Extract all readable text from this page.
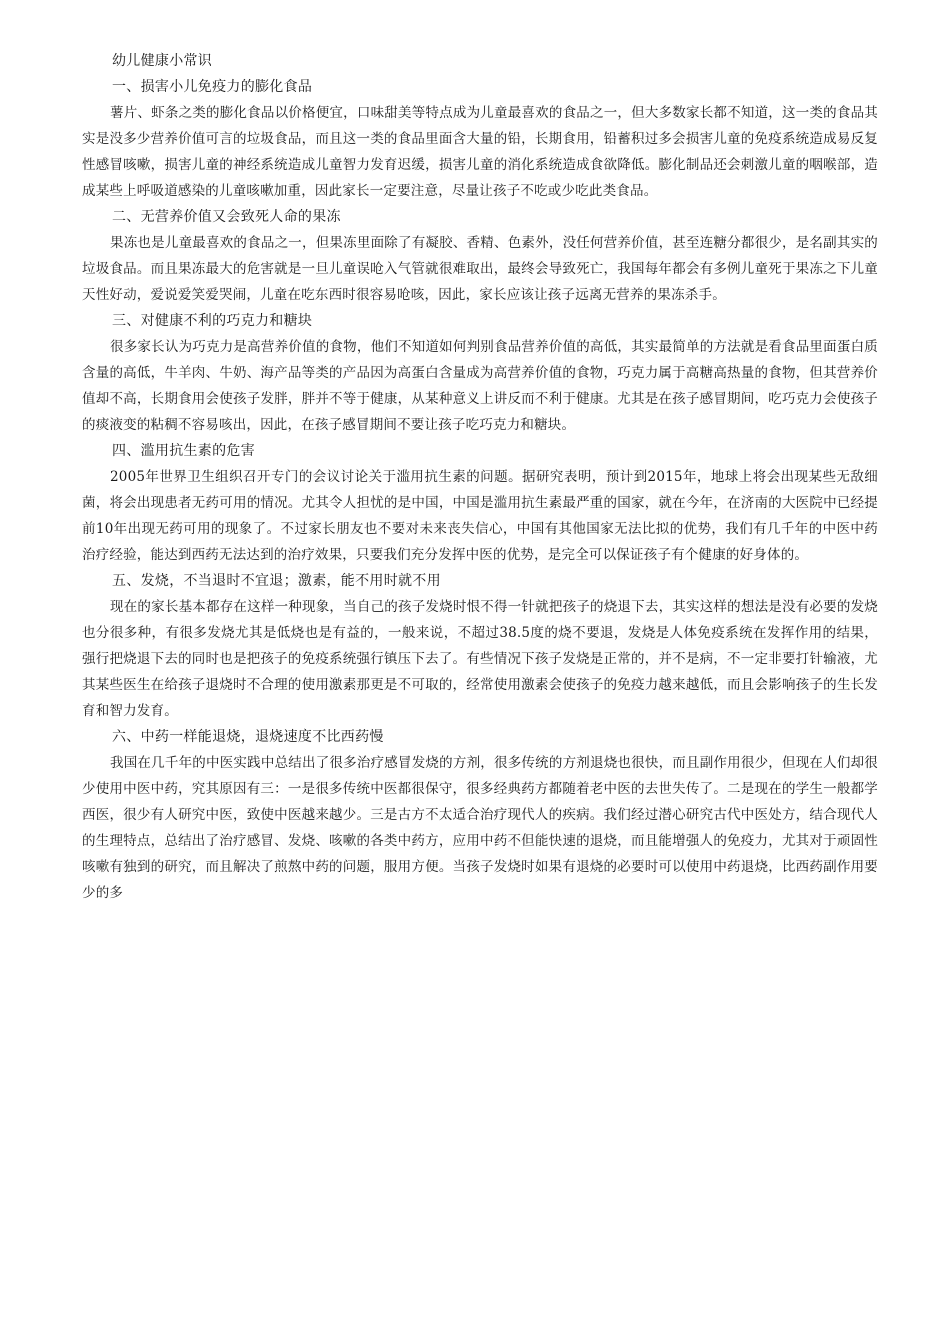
幼儿健康小常识
一、损害小儿免疫力的膨化食品

薯片、虾条之类的膨化食品以价格便宜，口味甜美等特点成为儿童最喜欢的食品之一，但大多数家长都不知道，这一类的食品其实是没多少营养价值可言的垃圾食品，而且这一类的食品里面含大量的铅，长期食用，铅蓄积过多会损害儿童的免疫系统造成易反复性感冒咳嗽，损害儿童的神经系统造成儿童智力发育迟缓，损害儿童的消化系统造成食欲降低。膨化制品还会刺激儿童的咽喉部，造成某些上呼吸道感染的儿童咳嗽加重，因此家长一定要注意，尽量让孩子不吃或少吃此类食品。

二、无营养价值又会致死人命的果冻

果冻也是儿童最喜欢的食品之一，但果冻里面除了有凝胶、香精、色素外，没任何营养价值，甚至连糖分都很少，是名副其实的垃圾食品。而且果冻最大的危害就是一旦儿童误呛入气管就很难取出，最终会导致死亡，我国每年都会有多例儿童死于果冻之下儿童天性好动，爱说爱笑爱哭闹，儿童在吃东西时很容易呛咳，因此，家长应该让孩子远离无营养的果冻杀手。

三、对健康不利的巧克力和糖块

很多家长认为巧克力是高营养价值的食物，他们不知道如何判别食品营养价值的高低，其实最简单的方法就是看食品里面蛋白质含量的高低，牛羊肉、牛奶、海产品等类的产品因为高蛋白含量成为高营养价值的食物，巧克力属于高糖高热量的食物，但其营养价值却不高，长期食用会使孩子发胖，胖并不等于健康，从某种意义上讲反而不利于健康。尤其是在孩子感冒期间，吃巧克力会使孩子的痰液变的粘稠不容易咳出，因此，在孩子感冒期间不要让孩子吃巧克力和糖块。

四、滥用抗生素的危害

2005年世界卫生组织召开专门的会议讨论关于滥用抗生素的问题。据研究表明，预计到2015年，地球上将会出现某些无敌细菌，将会出现患者无药可用的情况。尤其令人担忧的是中国，中国是滥用抗生素最严重的国家，就在今年，在济南的大医院中已经提前10年出现无药可用的现象了。不过家长朋友也不要对未来丧失信心，中国有其他国家无法比拟的优势，我们有几千年的中医中药治疗经验，能达到西药无法达到的治疗效果，只要我们充分发挥中医的优势，是完全可以保证孩子有个健康的好身体的。

五、发烧，不当退时不宜退；激素，能不用时就不用

现在的家长基本都存在这样一种现象，当自己的孩子发烧时恨不得一针就把孩子的烧退下去，其实这样的想法是没有必要的发烧也分很多种，有很多发烧尤其是低烧也是有益的，一般来说，不超过38.5度的烧不要退，发烧是人体免疫系统在发挥作用的结果，强行把烧退下去的同时也是把孩子的免疫系统强行镇压下去了。有些情况下孩子发烧是正常的，并不是病，不一定非要打针输液，尤其某些医生在给孩子退烧时不合理的使用激素那更是不可取的，经常使用激素会使孩子的免疫力越来越低，而且会影响孩子的生长发育和智力发育。

六、中药一样能退烧，退烧速度不比西药慢

我国在几千年的中医实践中总结出了很多治疗感冒发烧的方剂，很多传统的方剂退烧也很快，而且副作用很少，但现在人们却很少使用中医中药，究其原因有三：一是很多传统中医都很保守，很多经典药方都随着老中医的去世失传了。二是现在的学生一般都学西医，很少有人研究中医，致使中医越来越少。三是古方不太适合治疗现代人的疾病。我们经过潜心研究古代中医处方，结合现代人的生理特点，总结出了治疗感冒、发烧、咳嗽的各类中药方，应用中药不但能快速的退烧，而且能增强人的免疫力，尤其对于顽固性咳嗽有独到的研究，而且解决了煎熬中药的问题，服用方便。当孩子发烧时如果有退烧的必要时可以使用中药退烧，比西药副作用要少的多
